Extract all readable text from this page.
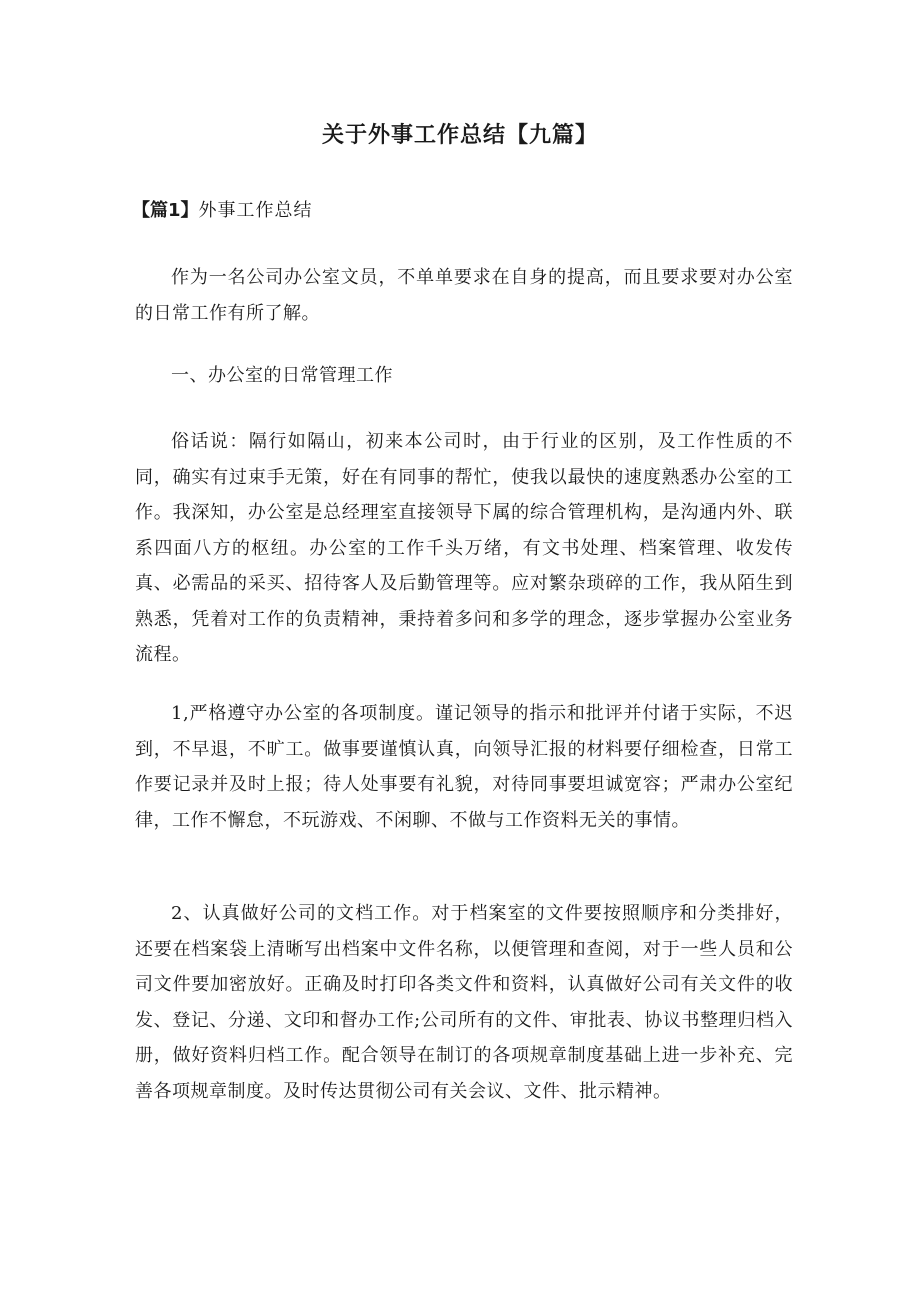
关于外事工作总结【九篇】

【篇1】外事工作总结

作为一名公司办公室文员，不单单要求在自身的提高，而且要求要对办公室的日常工作有所了解。

一、办公室的日常管理工作

俗话说：隔行如隔山，初来本公司时，由于行业的区别，及工作性质的不同，确实有过束手无策，好在有同事的帮忙，使我以最快的速度熟悉办公室的工作。我深知，办公室是总经理室直接领导下属的综合管理机构，是沟通内外、联系四面八方的枢纽。办公室的工作千头万绪，有文书处理、档案管理、收发传真、必需品的采买、招待客人及后勤管理等。应对繁杂琐碎的工作，我从陌生到熟悉，凭着对工作的负责精神，秉持着多问和多学的理念，逐步掌握办公室业务流程。

1,严格遵守办公室的各项制度。谨记领导的指示和批评并付诸于实际，不迟到，不早退，不旷工。做事要谨慎认真，向领导汇报的材料要仔细检查，日常工作要记录并及时上报；待人处事要有礼貌，对待同事要坦诚宽容；严肃办公室纪律，工作不懈怠，不玩游戏、不闲聊、不做与工作资料无关的事情。

2、认真做好公司的文档工作。对于档案室的文件要按照顺序和分类排好，还要在档案袋上清晰写出档案中文件名称，以便管理和查阅，对于一些人员和公司文件要加密放好。正确及时打印各类文件和资料，认真做好公司有关文件的收发、登记、分递、文印和督办工作;公司所有的文件、审批表、协议书整理归档入册，做好资料归档工作。配合领导在制订的各项规章制度基础上进一步补充、完善各项规章制度。及时传达贯彻公司有关会议、文件、批示精神。
